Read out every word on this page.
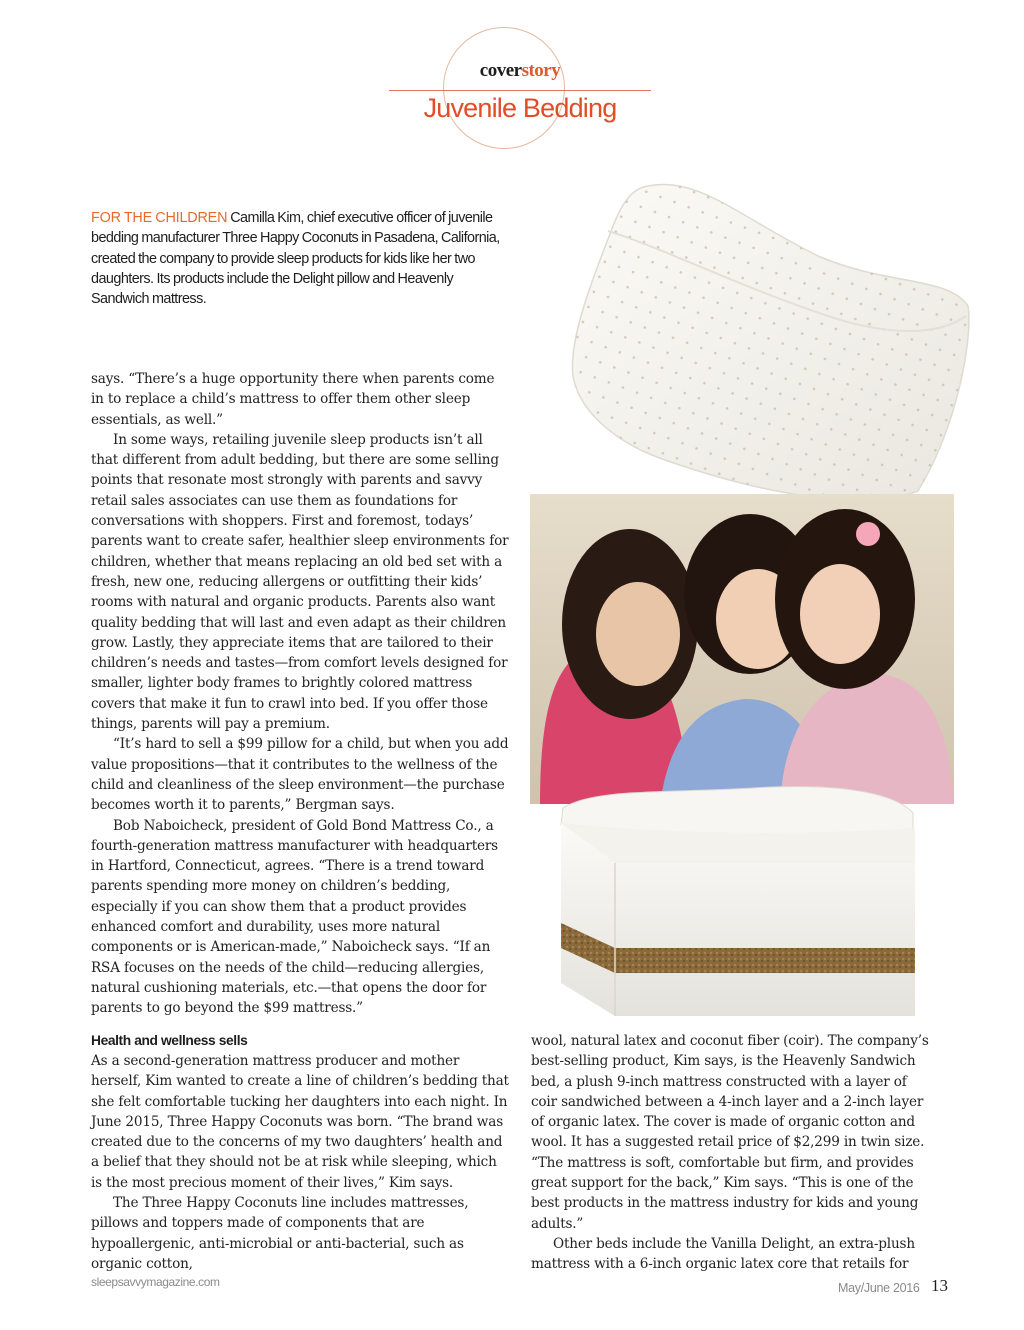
coverstory
Juvenile Bedding
FOR THE CHILDREN Camilla Kim, chief executive officer of juvenile bedding manufacturer Three Happy Coconuts in Pasadena, California, created the company to provide sleep products for kids like her two daughters. Its products include the Delight pillow and Heavenly Sandwich mattress.

says. “There’s a huge opportunity there when parents come in to replace a child’s mattress to offer them other sleep essentials, as well.”

In some ways, retailing juvenile sleep products isn’t all that different from adult bedding, but there are some selling points that resonate most strongly with parents and savvy retail sales associates can use them as foundations for conversations with shoppers. First and foremost, todays’ parents want to create safer, healthier sleep environments for children, whether that means replacing an old bed set with a fresh, new one, reducing allergens or outfitting their kids’ rooms with natural and organic products. Parents also want quality bedding that will last and even adapt as their children grow. Lastly, they appreciate items that are tailored to their children’s needs and tastes—from comfort levels designed for smaller, lighter body frames to brightly colored mattress covers that make it fun to crawl into bed. If you offer those things, parents will pay a premium.

“It’s hard to sell a $99 pillow for a child, but when you add value propositions—that it contributes to the wellness of the child and cleanliness of the sleep environment—the purchase becomes worth it to parents,” Bergman says.

Bob Naboicheck, president of Gold Bond Mattress Co., a fourth-generation mattress manufacturer with headquarters in Hartford, Connecticut, agrees. “There is a trend toward parents spending more money on children’s bedding, especially if you can show them that a product provides enhanced comfort and durability, uses more natural components or is American-made,” Naboicheck says. “If an RSA focuses on the needs of the child—reducing allergies, natural cushioning materials, etc.—that opens the door for parents to go beyond the $99 mattress.”

As a second-generation mattress producer and mother herself, Kim wanted to create a line of children’s bedding that she felt comfortable tucking her daughters into each night. In June 2015, Three Happy Coconuts was born. “The brand was created due to the concerns of my two daughters’ health and a belief that they should not be at risk while sleeping, which is the most precious moment of their lives,” Kim says.

The Three Happy Coconuts line includes mattresses, pillows and toppers made of components that are hypoallergenic, anti-microbial or anti-bacterial, such as organic cotton,

Health and wellness sells	wool, natural latex and coconut fiber (coir). The company’s best-selling product, Kim says, is the Heavenly Sandwich bed, a plush 9-inch mattress constructed with a layer of coir sandwiched between a 4-inch layer and a 2-inch layer of organic latex. The cover is made of organic cotton and wool. It has a suggested retail price of $2,299 in twin size. “The mattress is soft, comfortable but firm, and provides great support for the back,” Kim says. “This is one of the best products in the mattress industry for kids and young adults.”

Other beds include the Vanilla Delight, an extra-plush mattress with a 6-inch organic latex core that retails for

sleepsavvymagazine.com	May/June 2016 13
